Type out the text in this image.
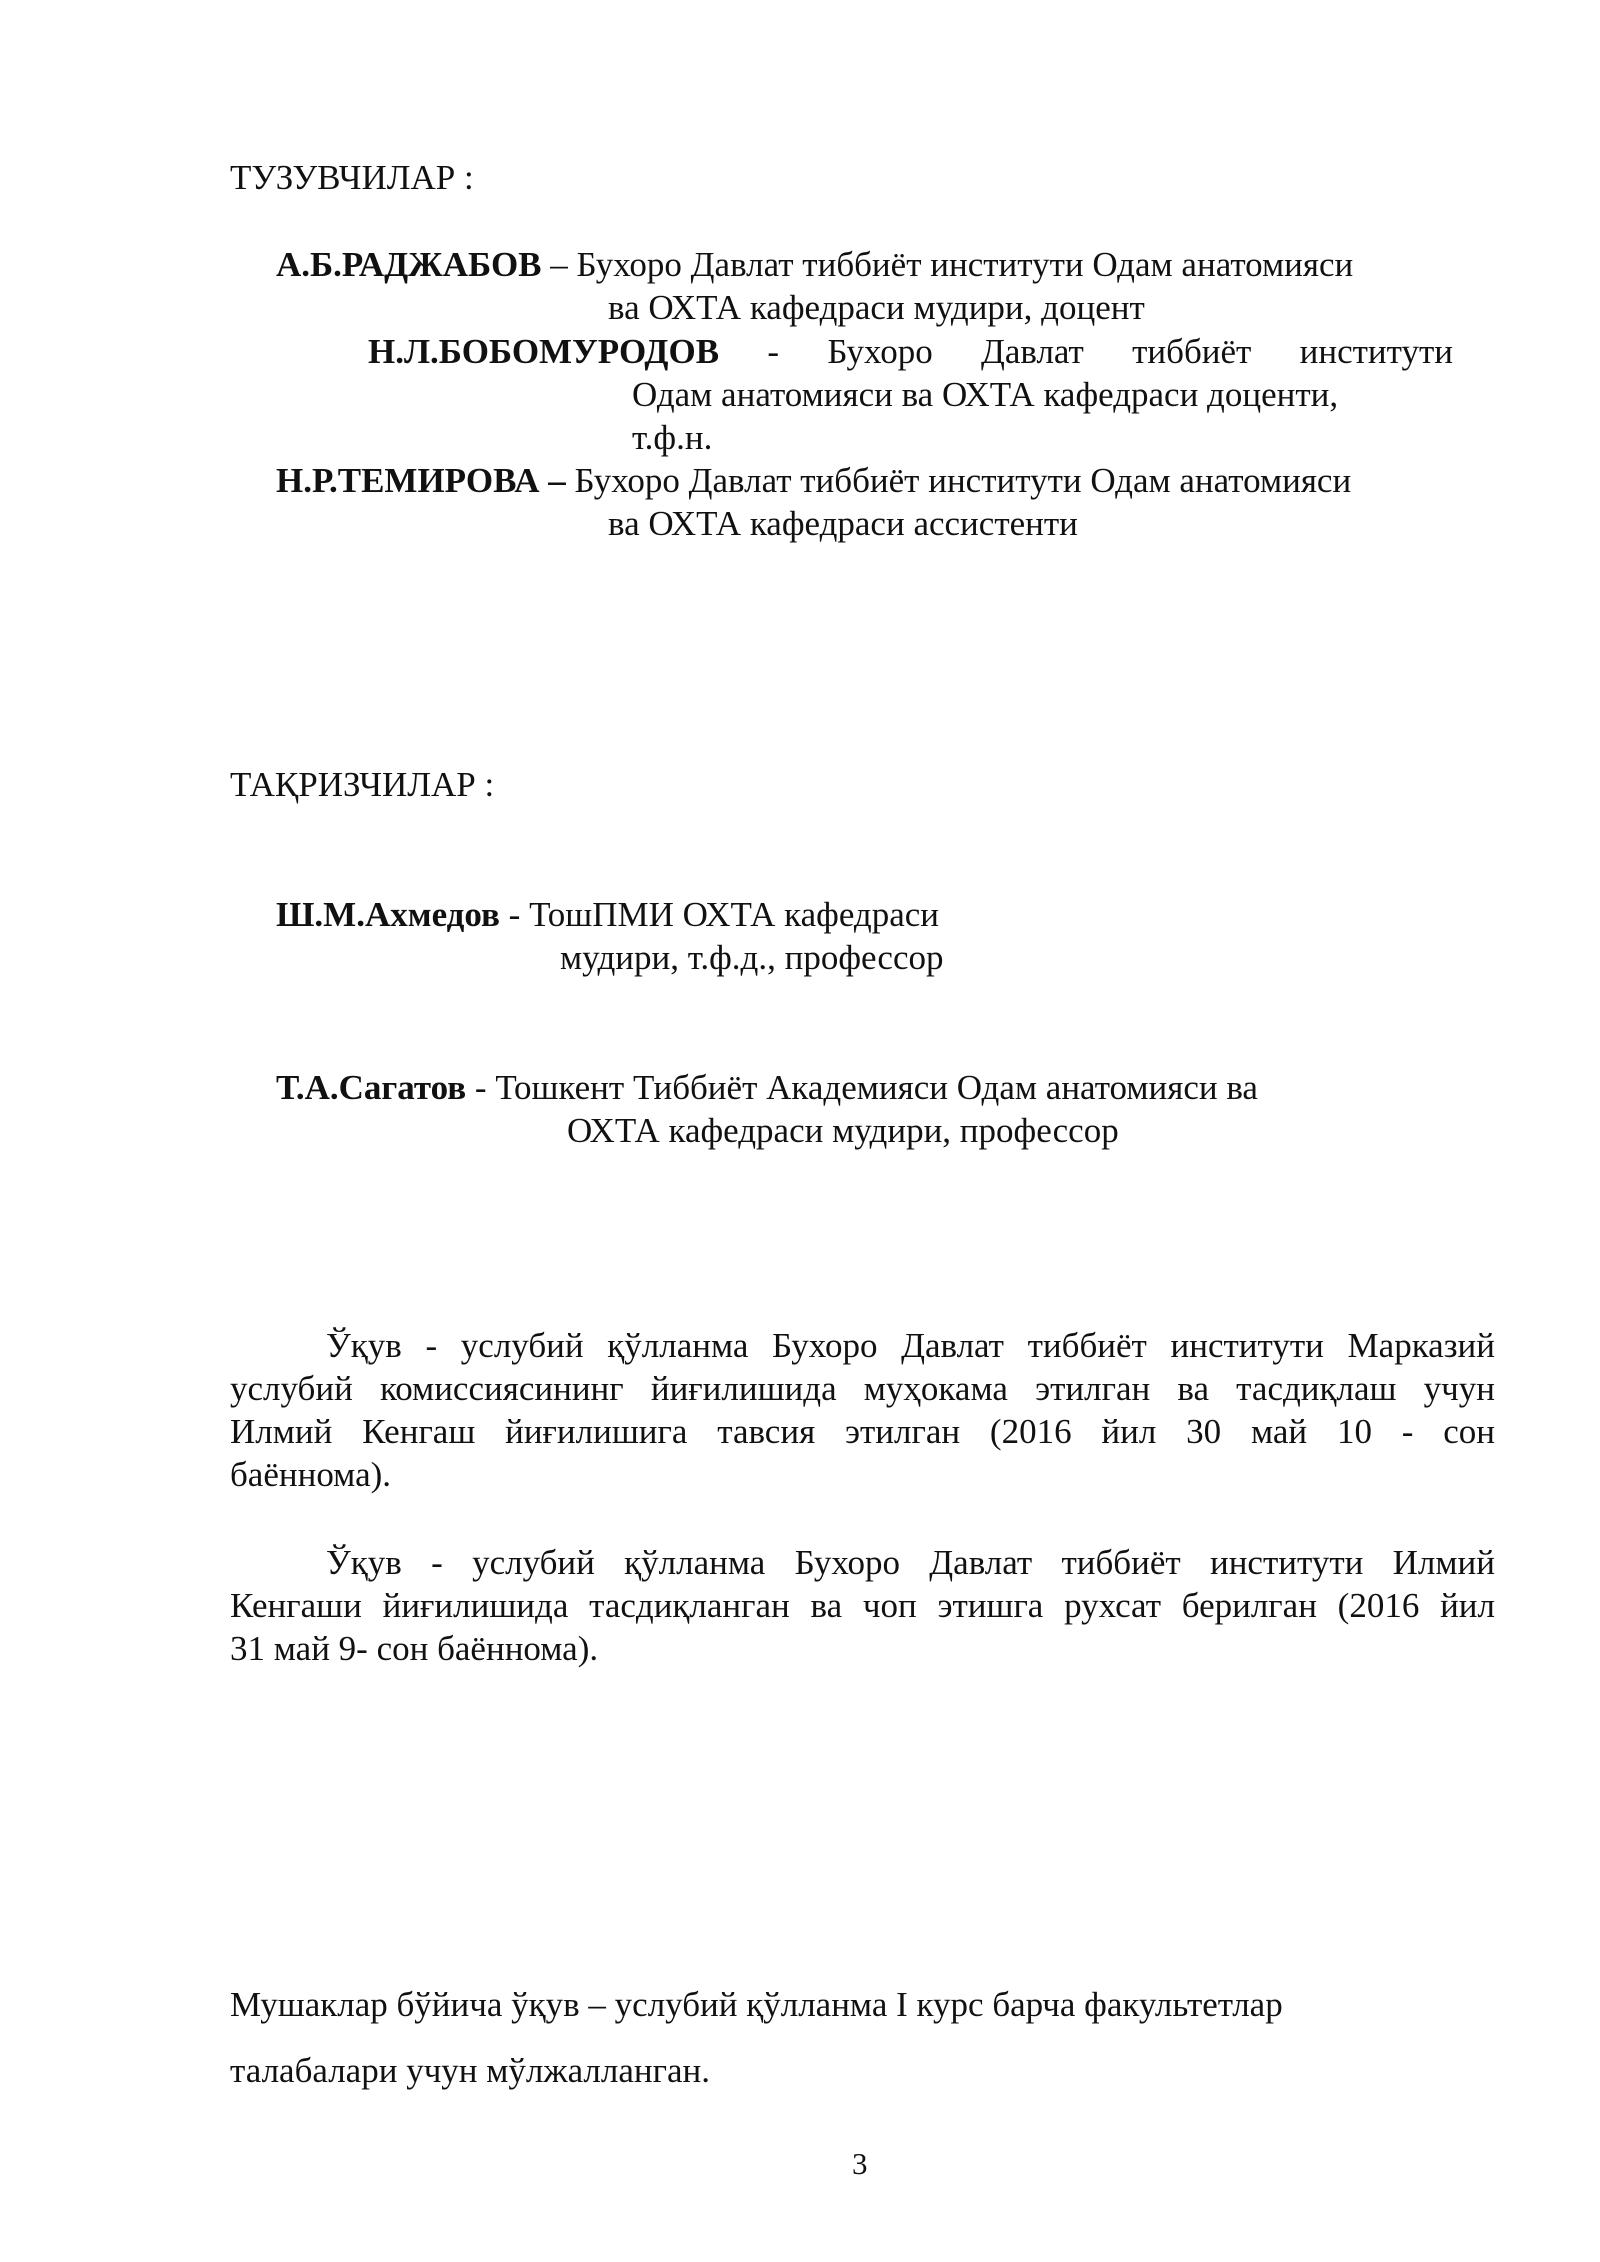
ТУЗУВЧИЛАР :
А.Б.РАДЖАБОВ – Бухоро Давлат тиббиёт институти Одам анатомияси
ва ОХТА кафедраси мудири, доцент
Н.Л.БОБОМУРОДОВ - Бухоро Давлат тиббиёт институти
Одам анатомияси ва ОХТА кафедраси доценти,
т.ф.н.
Н.Р.ТЕМИРОВА – Бухоро Давлат тиббиёт институти Одам анатомияси
ва ОХТА кафедраси ассистенти
ТАҚРИЗЧИЛАР :
Ш.М.Ахмедов - ТошПМИ ОХТА кафедраси
мудири, т.ф.д., профессор
Т.А.Сагатов - Тошкент Тиббиёт Академияси Одам анатомияси ва
ОХТА кафедраси мудири, профессор
Ўқув - услубий қўлланма Бухоро Давлат тиббиёт институти Марказий
услубий комиссиясининг йиғилишида муҳокама этилган ва тасдиқлаш учун
Илмий Кенгаш йиғилишига тавсия этилган (2016 йил 30 май 10 - сон
баённома).
Ўқув - услубий қўлланма Бухоро Давлат тиббиёт институти Илмий
Кенгаши йиғилишида тасдиқланган ва чоп этишга рухсат берилган (2016 йил
31 май 9- сон баённома).
Мушаклар бўйича ўқув – услубий қўлланма I курс барча факультетлар
талабалари учун мўлжалланган.
3
